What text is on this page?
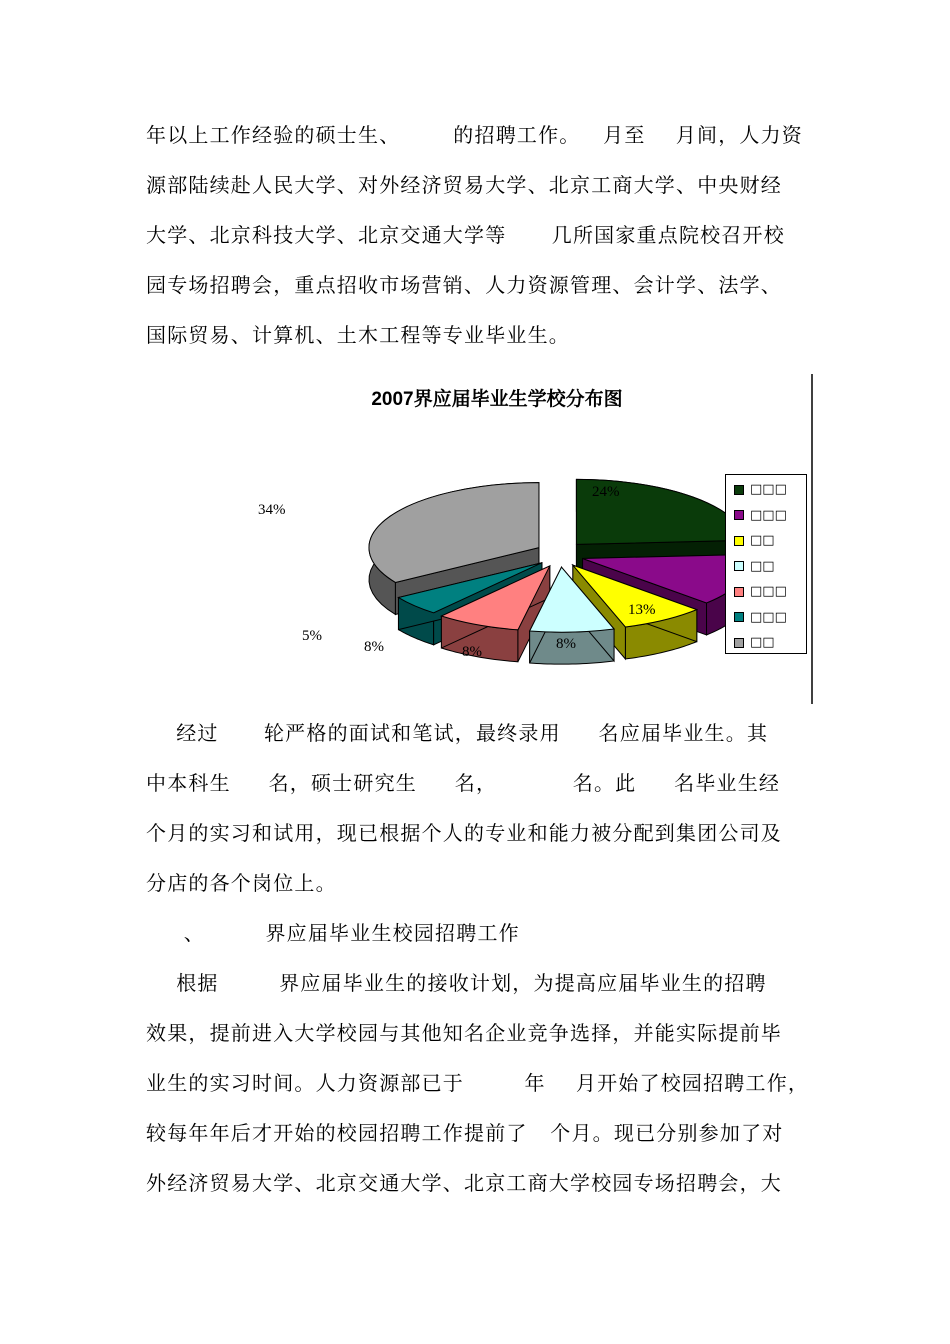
年以上工作经验的硕士生、       的招聘工作。   月至    月间，人力资
源部陆续赴人民大学、对外经济贸易大学、北京工商大学、中央财经
大学、北京科技大学、北京交通大学等      几所国家重点院校召开校
园专场招聘会，重点招收市场营销、人力资源管理、会计学、法学、
国际贸易、计算机、土木工程等专业毕业生。
2007界应届毕业生学校分布图
24%
13%
8%
8%
8%
5%
34%
□□□
□□□
□□
□□
□□□
□□□
□□
经过      轮严格的面试和笔试，最终录用     名应届毕业生。其
中本科生     名，硕士研究生     名，          名。此     名毕业生经
个月的实习和试用，现已根据个人的专业和能力被分配到集团公司及
分店的各个岗位上。
、        界应届毕业生校园招聘工作
根据        界应届毕业生的接收计划，为提高应届毕业生的招聘
效果，提前进入大学校园与其他知名企业竞争选择，并能实际提前毕
业生的实习时间。人力资源部已于        年    月开始了校园招聘工作，
较每年年后才开始的校园招聘工作提前了   个月。现已分别参加了对
外经济贸易大学、北京交通大学、北京工商大学校园专场招聘会，大
